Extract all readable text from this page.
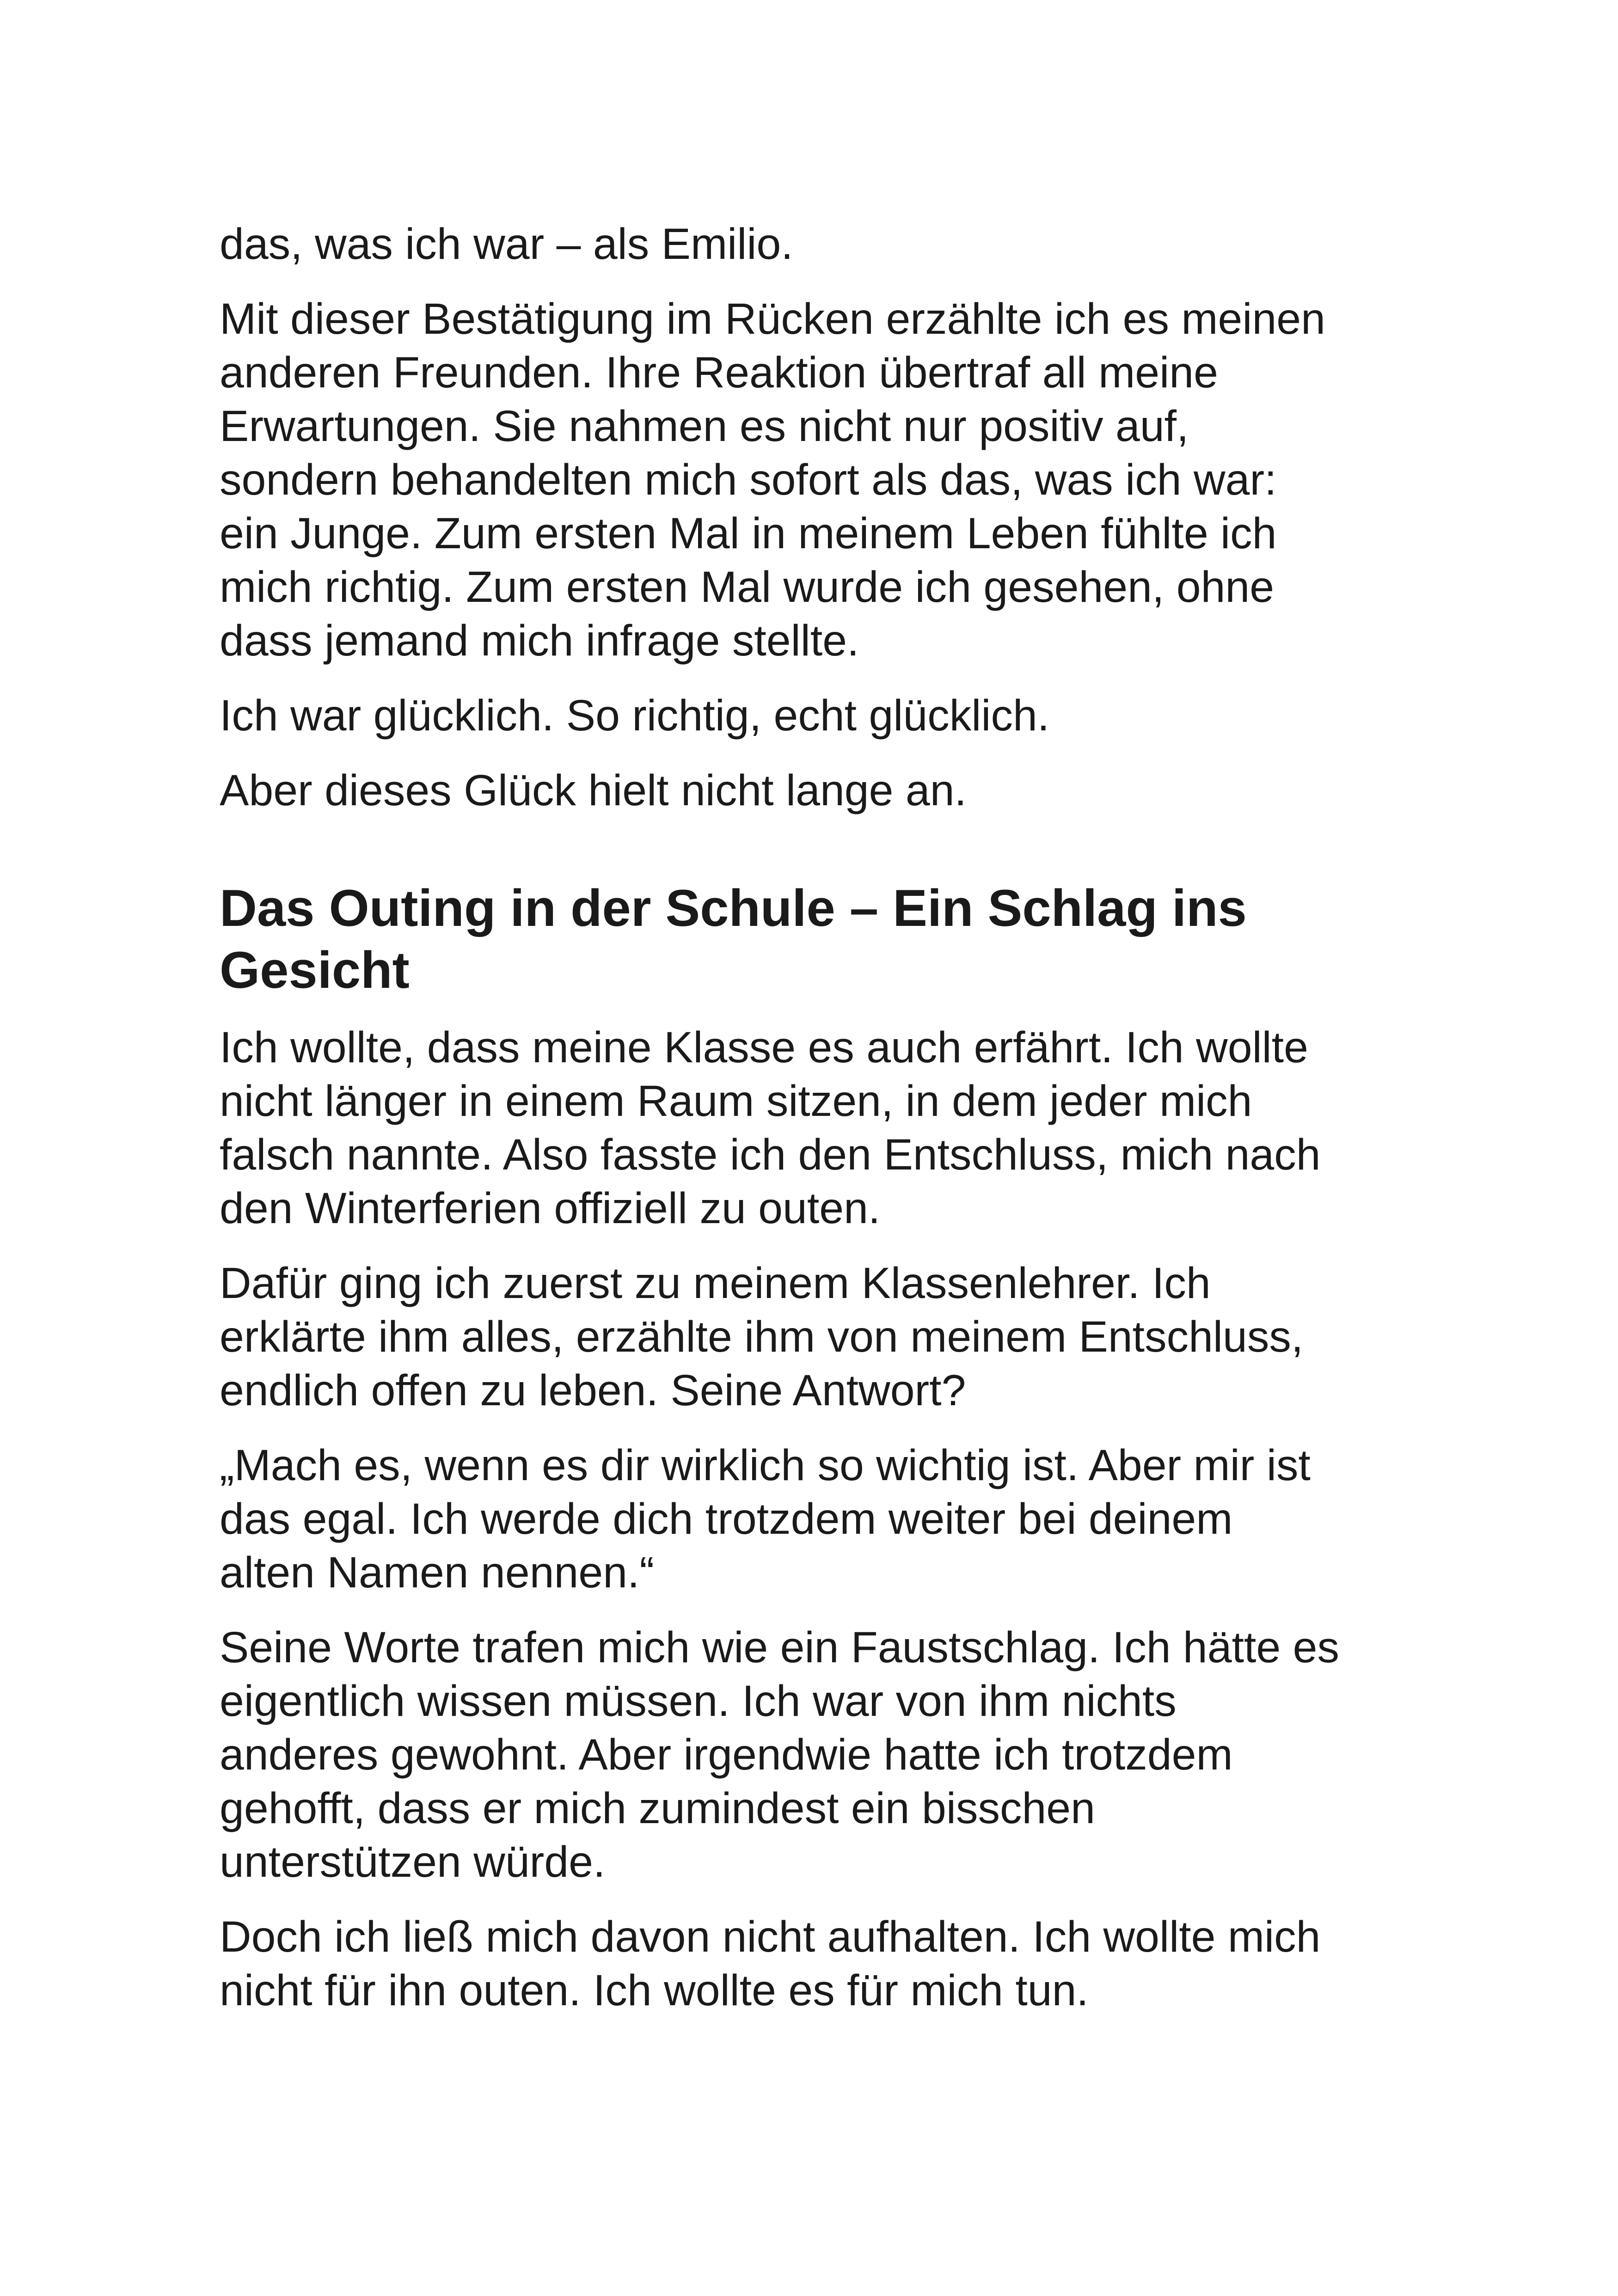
das, was ich war – als Emilio.

Mit dieser Bestätigung im Rücken erzählte ich es meinen
anderen Freunden. Ihre Reaktion übertraf all meine
Erwartungen. Sie nahmen es nicht nur positiv auf,
sondern behandelten mich sofort als das, was ich war:
ein Junge. Zum ersten Mal in meinem Leben fühlte ich
mich richtig. Zum ersten Mal wurde ich gesehen, ohne
dass jemand mich infrage stellte.

Ich war glücklich. So richtig, echt glücklich.

Aber dieses Glück hielt nicht lange an.

Das Outing in der Schule – Ein Schlag ins
Gesicht

Ich wollte, dass meine Klasse es auch erfährt. Ich wollte
nicht länger in einem Raum sitzen, in dem jeder mich
falsch nannte. Also fasste ich den Entschluss, mich nach
den Winterferien offiziell zu outen.

Dafür ging ich zuerst zu meinem Klassenlehrer. Ich
erklärte ihm alles, erzählte ihm von meinem Entschluss,
endlich offen zu leben. Seine Antwort?

„Mach es, wenn es dir wirklich so wichtig ist. Aber mir ist
das egal. Ich werde dich trotzdem weiter bei deinem
alten Namen nennen.“

Seine Worte trafen mich wie ein Faustschlag. Ich hätte es
eigentlich wissen müssen. Ich war von ihm nichts
anderes gewohnt. Aber irgendwie hatte ich trotzdem
gehofft, dass er mich zumindest ein bisschen
unterstützen würde.

Doch ich ließ mich davon nicht aufhalten. Ich wollte mich
nicht für ihn outen. Ich wollte es für mich tun.
